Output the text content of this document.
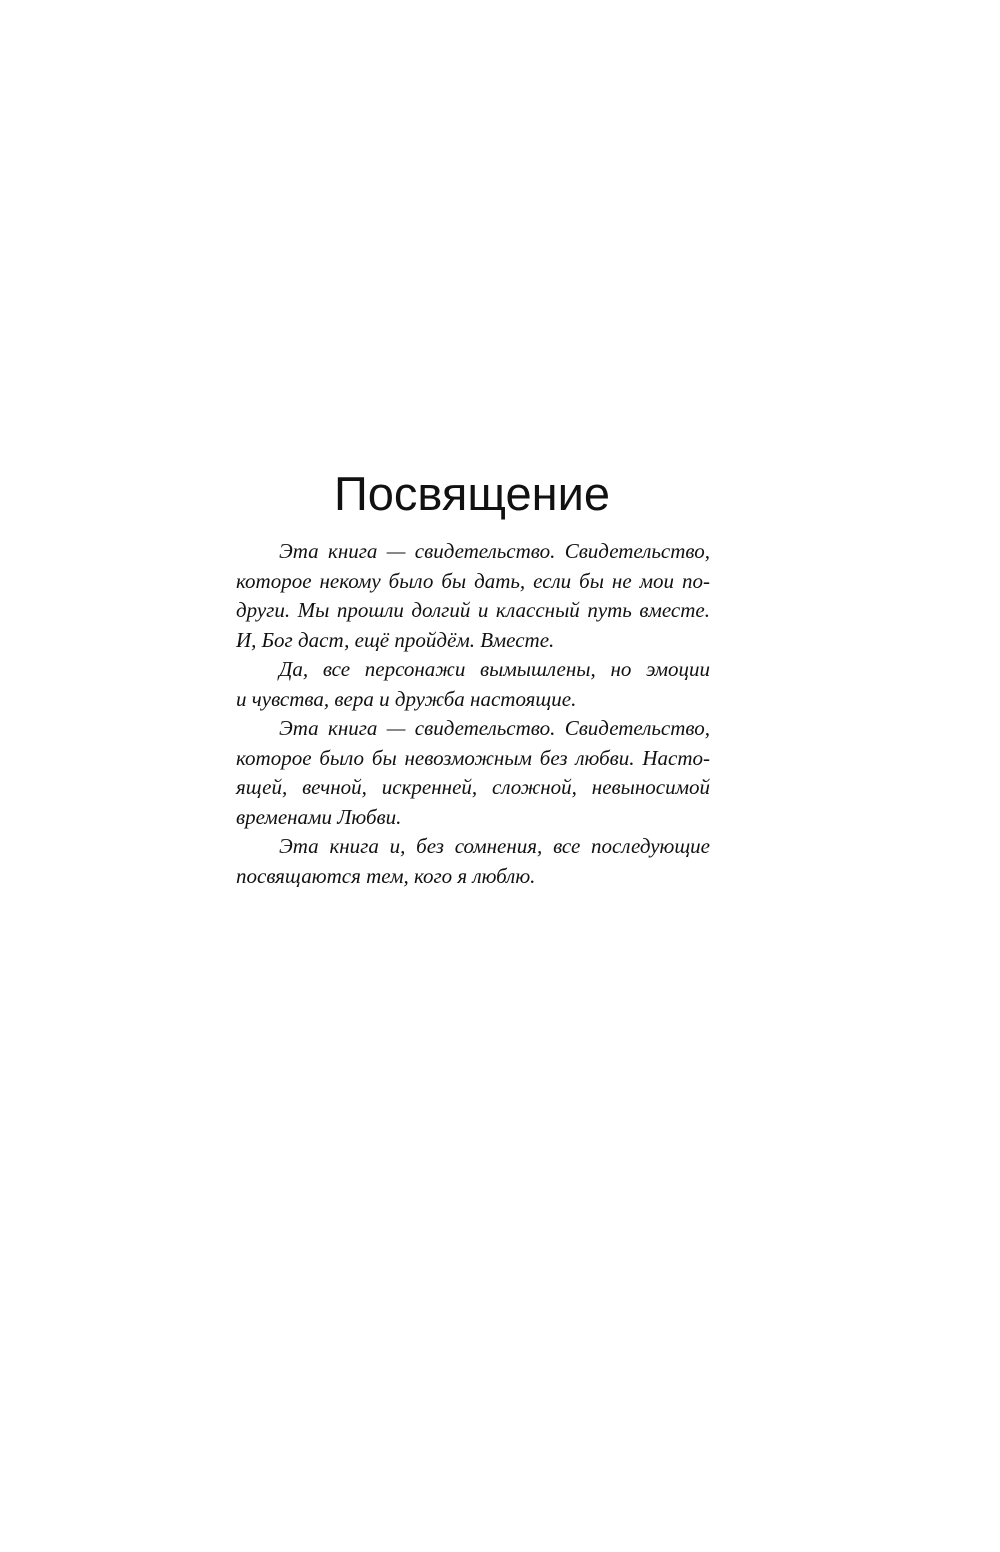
Посвящение
Эта книга — свидетельство. Свидетельство,
которое некому было бы дать, если бы не мои по-
други. Мы прошли долгий и классный путь вместе.
И, Бог даст, ещё пройдём. Вместе.
Да, все персонажи вымышлены, но эмоции
и чувства, вера и дружба настоящие.
Эта книга — свидетельство. Свидетельство,
которое было бы невозможным без любви. Насто-
ящей, вечной, искренней, сложной, невыносимой
временами Любви.
Эта книга и, без сомнения, все последующие
посвящаются тем, кого я люблю.
